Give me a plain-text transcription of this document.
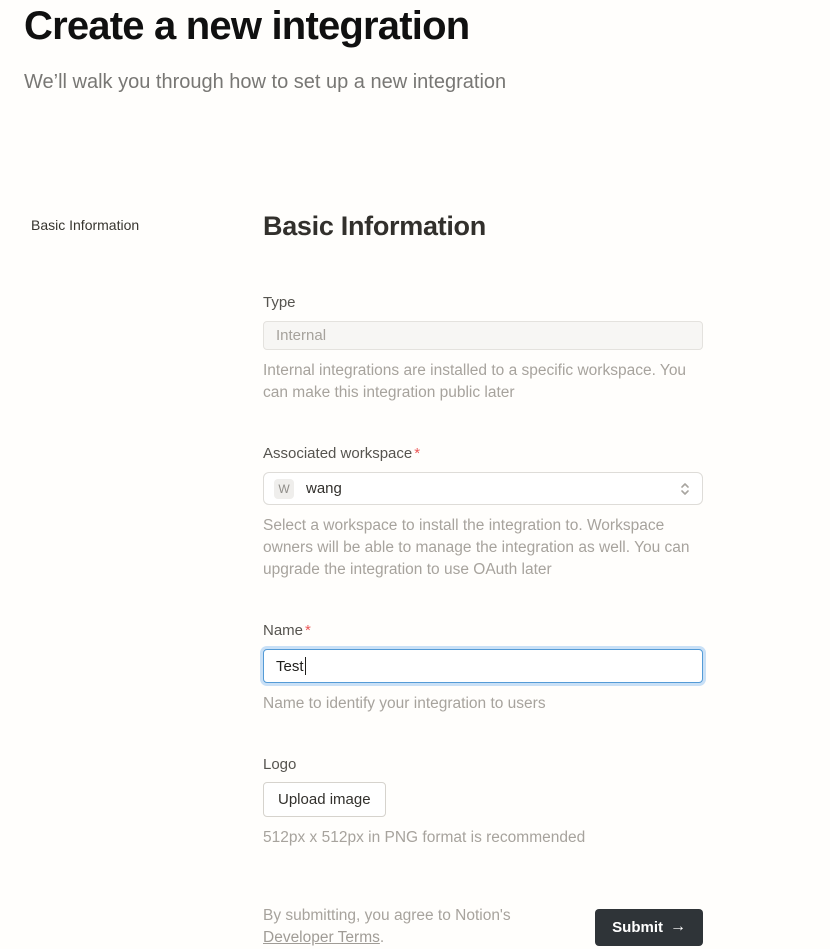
Create a new integration
We’ll walk you through how to set up a new integration
Basic Information	Basic Information
Type
Internal
Internal integrations are installed to a specific workspace. You can make this integration public later
Associated workspace *
W wang
Select a workspace to install the integration to. Workspace owners will be able to manage the integration as well. You can upgrade the integration to use OAuth later
Name *
Test
Name to identify your integration to users
Logo
Upload image
512px x 512px in PNG format is recommended
By submitting, you agree to Notion's Developer Terms.
Submit →
